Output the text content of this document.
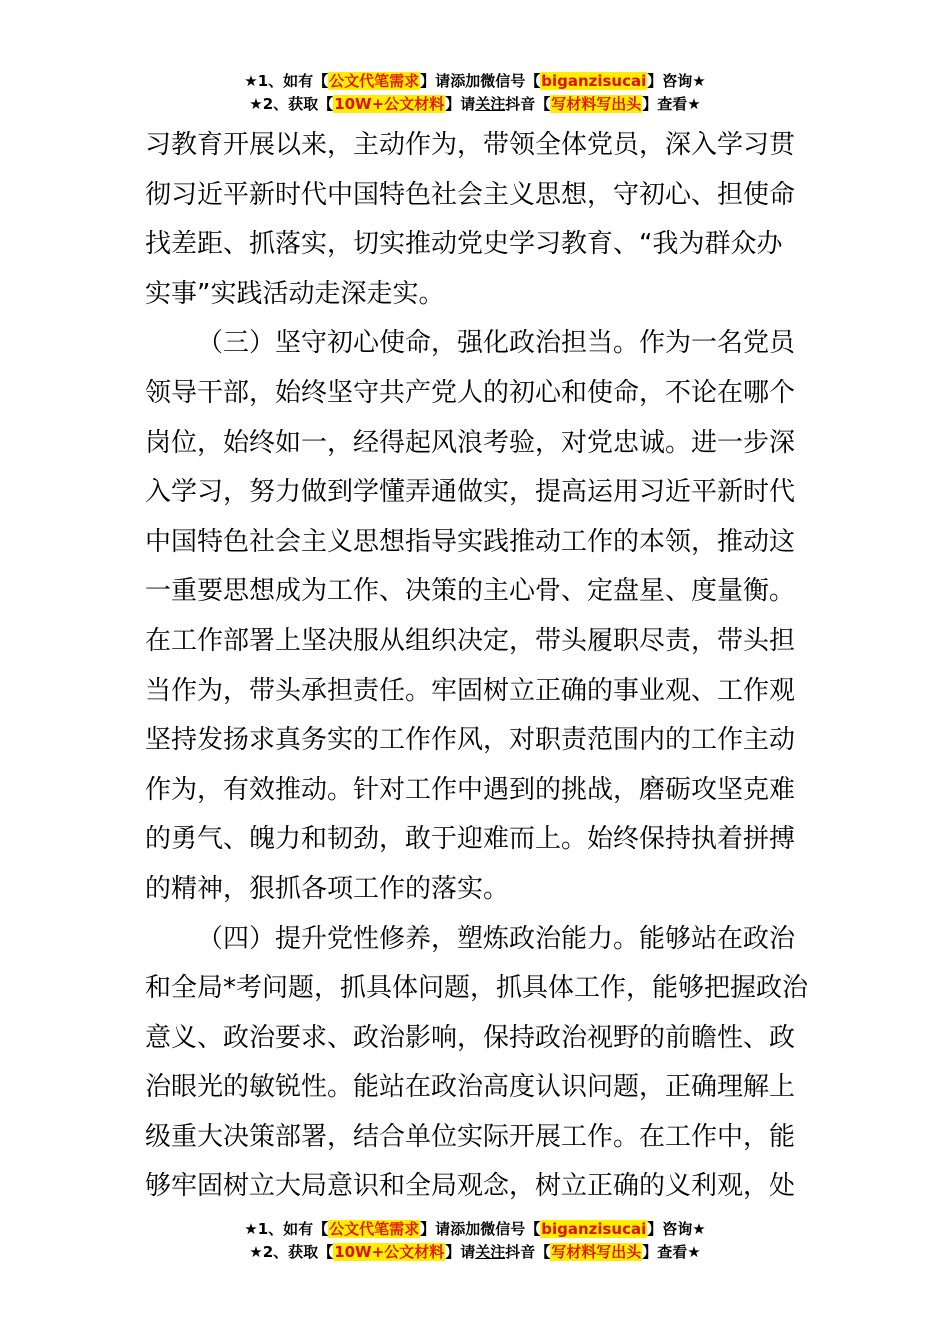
★1、如有【公文代笔需求】请添加微信号【biganzisucai】咨询★
★2、获取【10W+公文材料】请关注抖音【写材料写出头】查看★
习教育开展以来，主动作为，带领全体党员，深入学习贯
彻习近平新时代中国特色社会主义思想，守初心、担使命
找差距、抓落实，切实推动党史学习教育、“我为群众办
实事”实践活动走深走实。
（三）坚守初心使命，强化政治担当。作为一名党员
领导干部，始终坚守共产党人的初心和使命，不论在哪个
岗位，始终如一，经得起风浪考验，对党忠诚。进一步深
入学习，努力做到学懂弄通做实，提高运用习近平新时代
中国特色社会主义思想指导实践推动工作的本领，推动这
一重要思想成为工作、决策的主心骨、定盘星、度量衡。
在工作部署上坚决服从组织决定，带头履职尽责，带头担
当作为，带头承担责任。牢固树立正确的事业观、工作观
坚持发扬求真务实的工作作风，对职责范围内的工作主动
作为，有效推动。针对工作中遇到的挑战，磨砺攻坚克难
的勇气、魄力和韧劲，敢于迎难而上。始终保持执着拼搏
的精神，狠抓各项工作的落实。
（四）提升党性修养，塑炼政治能力。能够站在政治
和全局*考问题，抓具体问题，抓具体工作，能够把握政治
意义、政治要求、政治影响，保持政治视野的前瞻性、政
治眼光的敏锐性。能站在政治高度认识问题，正确理解上
级重大决策部署，结合单位实际开展工作。在工作中，能
够牢固树立大局意识和全局观念，树立正确的义利观，处
★1、如有【公文代笔需求】请添加微信号【biganzisucai】咨询★
★2、获取【10W+公文材料】请关注抖音【写材料写出头】查看★
